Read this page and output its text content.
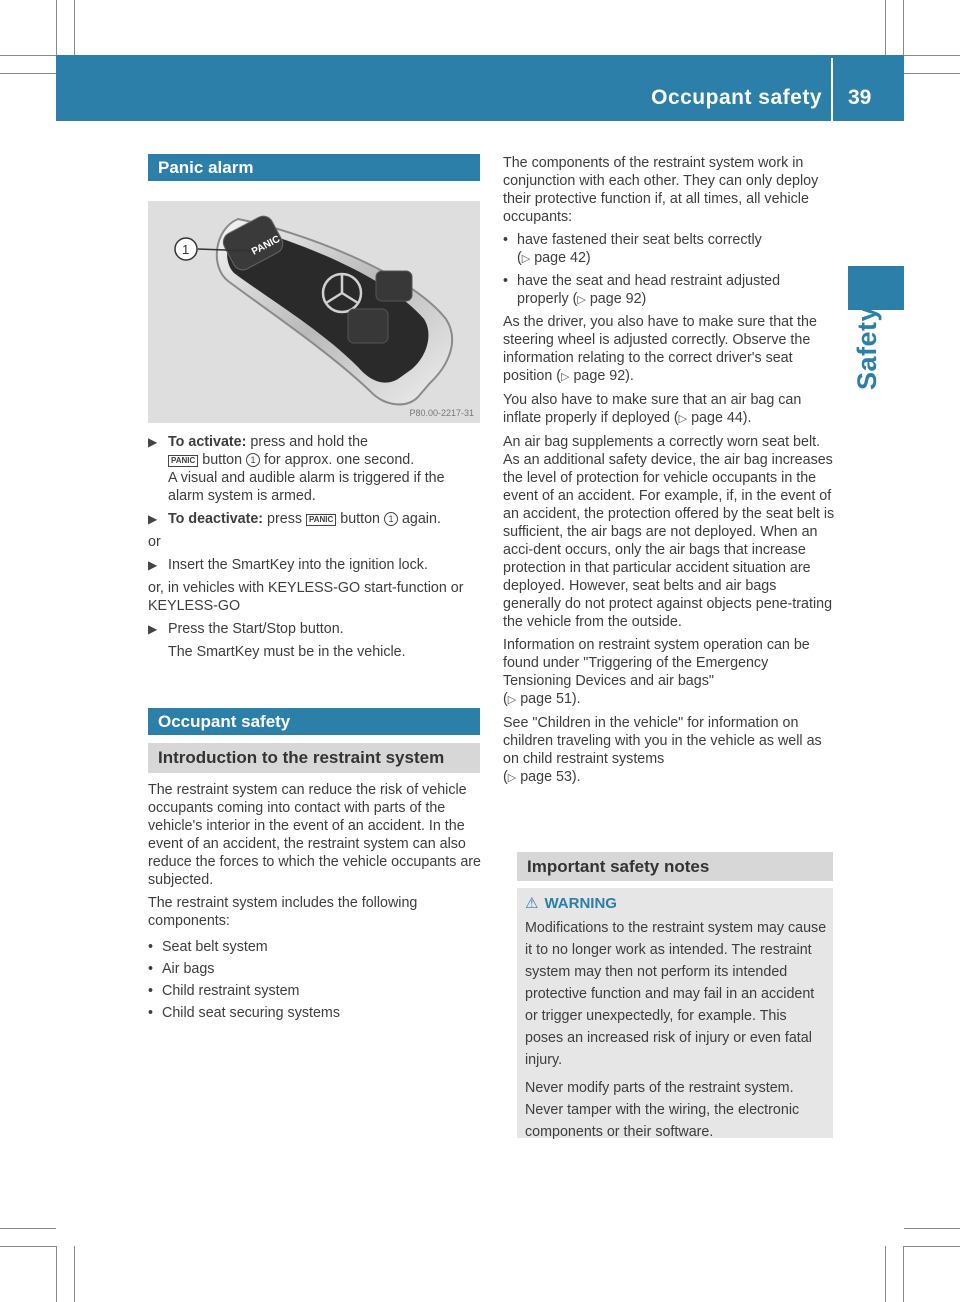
Occupant safety 39
Safety
Panic alarm
PANIC
1
P80.00-2217-31
▶ To activate: press and hold the
PANIC button 1 for approx. one second.
A visual and audible alarm is triggered if the alarm system is armed.
▶ To deactivate: press PANIC button 1 again.

or

▶ Insert the SmartKey into the ignition lock.

or, in vehicles with KEYLESS-GO start-function or KEYLESS-GO

▶ Press the Start/Stop button.
The SmartKey must be in the vehicle.
Occupant safety
Introduction to the restraint system

The restraint system can reduce the risk of vehicle occupants coming into contact with parts of the vehicle's interior in the event of an accident. In the event of an accident, the restraint system can also reduce the forces to which the vehicle occupants are subjected.

The restraint system includes the following components:

• Seat belt system
• Air bags
• Child restraint system
• Child seat securing systems

The components of the restraint system work in conjunction with each other. They can only deploy their protective function if, at all times, all vehicle occupants:

• have fastened their seat belts correctly
(▷ page 42)
• have the seat and head restraint adjusted properly (▷ page 92)

As the driver, you also have to make sure that the steering wheel is adjusted correctly. Observe the information relating to the correct driver's seat position (▷ page 92).

You also have to make sure that an air bag can inflate properly if deployed (▷ page 44).

An air bag supplements a correctly worn seat belt. As an additional safety device, the air bag increases the level of protection for vehicle occupants in the event of an accident. For example, if, in the event of an accident, the protection offered by the seat belt is sufficient, the air bags are not deployed. When an acci-dent occurs, only the air bags that increase protection in that particular accident situation are deployed. However, seat belts and air bags generally do not protect against objects pene-trating the vehicle from the outside.

Information on restraint system operation can be found under "Triggering of the Emergency Tensioning Devices and air bags"
(▷ page 51).

See "Children in the vehicle" for information on children traveling with you in the vehicle as well as on child restraint systems
(▷ page 53).

Important safety notes
⚠ WARNING

Modifications to the restraint system may cause it to no longer work as intended. The restraint system may then not perform its intended protective function and may fail in an accident or trigger unexpectedly, for example. This poses an increased risk of injury or even fatal injury.

Never modify parts of the restraint system. Never tamper with the wiring, the electronic components or their software.
